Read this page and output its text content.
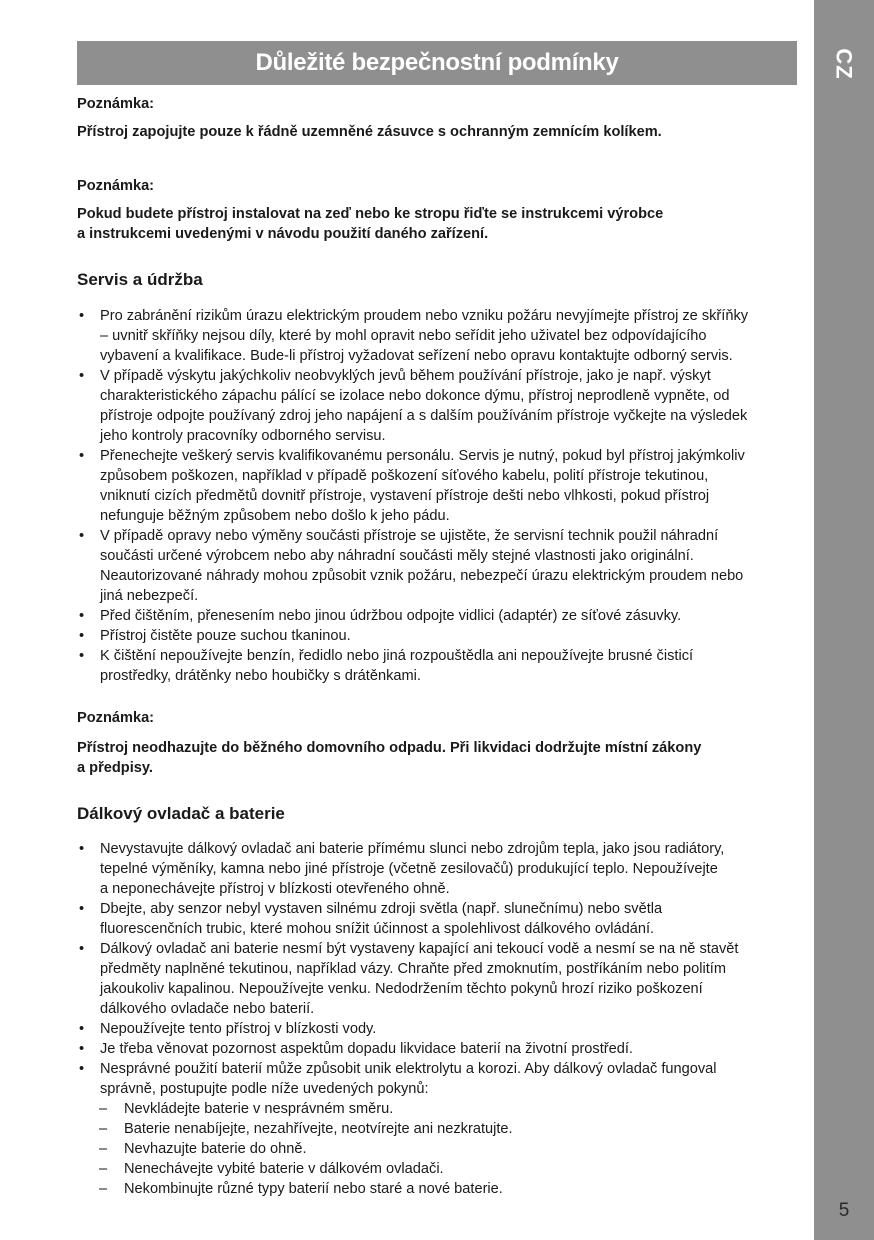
CZ
5
Důležité bezpečnostní podmínky

Poznámka:

Přístroj zapojujte pouze k řádně uzemněné zásuvce s ochranným zemnícím kolíkem.

Poznámka:

Pokud budete přístroj instalovat na zeď nebo ke stropu řiďte se instrukcemi výrobce

a instrukcemi uvedenými v návodu použití daného zařízení.

Servis a údržba
• Pro zabránění rizikům úrazu elektrickým proudem nebo vzniku požáru nevyjímejte přístroj ze skříňky
– uvnitř skříňky nejsou díly, které by mohl opravit nebo seřídit jeho uživatel bez odpovídajícího
vybavení a kvalifikace. Bude-li přístroj vyžadovat seřízení nebo opravu kontaktujte odborný servis.
• V případě výskytu jakýchkoliv neobvyklých jevů během používání přístroje, jako je např. výskyt
charakteristického zápachu pálící se izolace nebo dokonce dýmu, přístroj neprodleně vypněte, od
přístroje odpojte používaný zdroj jeho napájení a s dalším používáním přístroje vyčkejte na výsledek
jeho kontroly pracovníky odborného servisu.
• Přenechejte veškerý servis kvalifikovanému personálu. Servis je nutný, pokud byl přístroj jakýmkoliv
způsobem poškozen, například v případě poškození síťového kabelu, polití přístroje tekutinou,
vniknutí cizích předmětů dovnitř přístroje, vystavení přístroje dešti nebo vlhkosti, pokud přístroj
nefunguje běžným způsobem nebo došlo k jeho pádu.
• V případě opravy nebo výměny součásti přístroje se ujistěte, že servisní technik použil náhradní
součásti určené výrobcem nebo aby náhradní součásti měly stejné vlastnosti jako originální.
Neautorizované náhrady mohou způsobit vznik požáru, nebezpečí úrazu elektrickým proudem nebo
jiná nebezpečí.
• Před čištěním, přenesením nebo jinou údržbou odpojte vidlici (adaptér) ze síťové zásuvky.
• Přístroj čistěte pouze suchou tkaninou.
• K čištění nepoužívejte benzín, ředidlo nebo jiná rozpouštědla ani nepoužívejte brusné čisticí
prostředky, drátěnky nebo houbičky s drátěnkami.

Poznámka:

Přístroj neodhazujte do běžného domovního odpadu. Při likvidaci dodržujte místní zákony

a předpisy.

Dálkový ovladač a baterie
• Nevystavujte dálkový ovladač ani baterie přímému slunci nebo zdrojům tepla, jako jsou radiátory,
tepelné výměníky, kamna nebo jiné přístroje (včetně zesilovačů) produkující teplo. Nepoužívejte
a neponechávejte přístroj v blízkosti otevřeného ohně.
• Dbejte, aby senzor nebyl vystaven silnému zdroji světla (např. slunečnímu) nebo světla
fluorescenčních trubic, které mohou snížit účinnost a spolehlivost dálkového ovládání.
• Dálkový ovladač ani baterie nesmí být vystaveny kapající ani tekoucí vodě a nesmí se na ně stavět
předměty naplněné tekutinou, například vázy. Chraňte před zmoknutím, postříkáním nebo politím
jakoukoliv kapalinou. Nepoužívejte venku. Nedodržením těchto pokynů hrozí riziko poškození
dálkového ovladače nebo baterií.
• Nepoužívejte tento přístroj v blízkosti vody.
• Je třeba věnovat pozornost aspektům dopadu likvidace baterií na životní prostředí.
• Nesprávné použití baterií může způsobit unik elektrolytu a korozi. Aby dálkový ovladač fungoval
správně, postupujte podle níže uvedených pokynů:
– Nevkládejte baterie v nesprávném směru.
– Baterie nenabíjejte, nezahřívejte, neotvírejte ani nezkratujte.
– Nevhazujte baterie do ohně.
– Nenechávejte vybité baterie v dálkovém ovladači.
– Nekombinujte různé typy baterií nebo staré a nové baterie.
